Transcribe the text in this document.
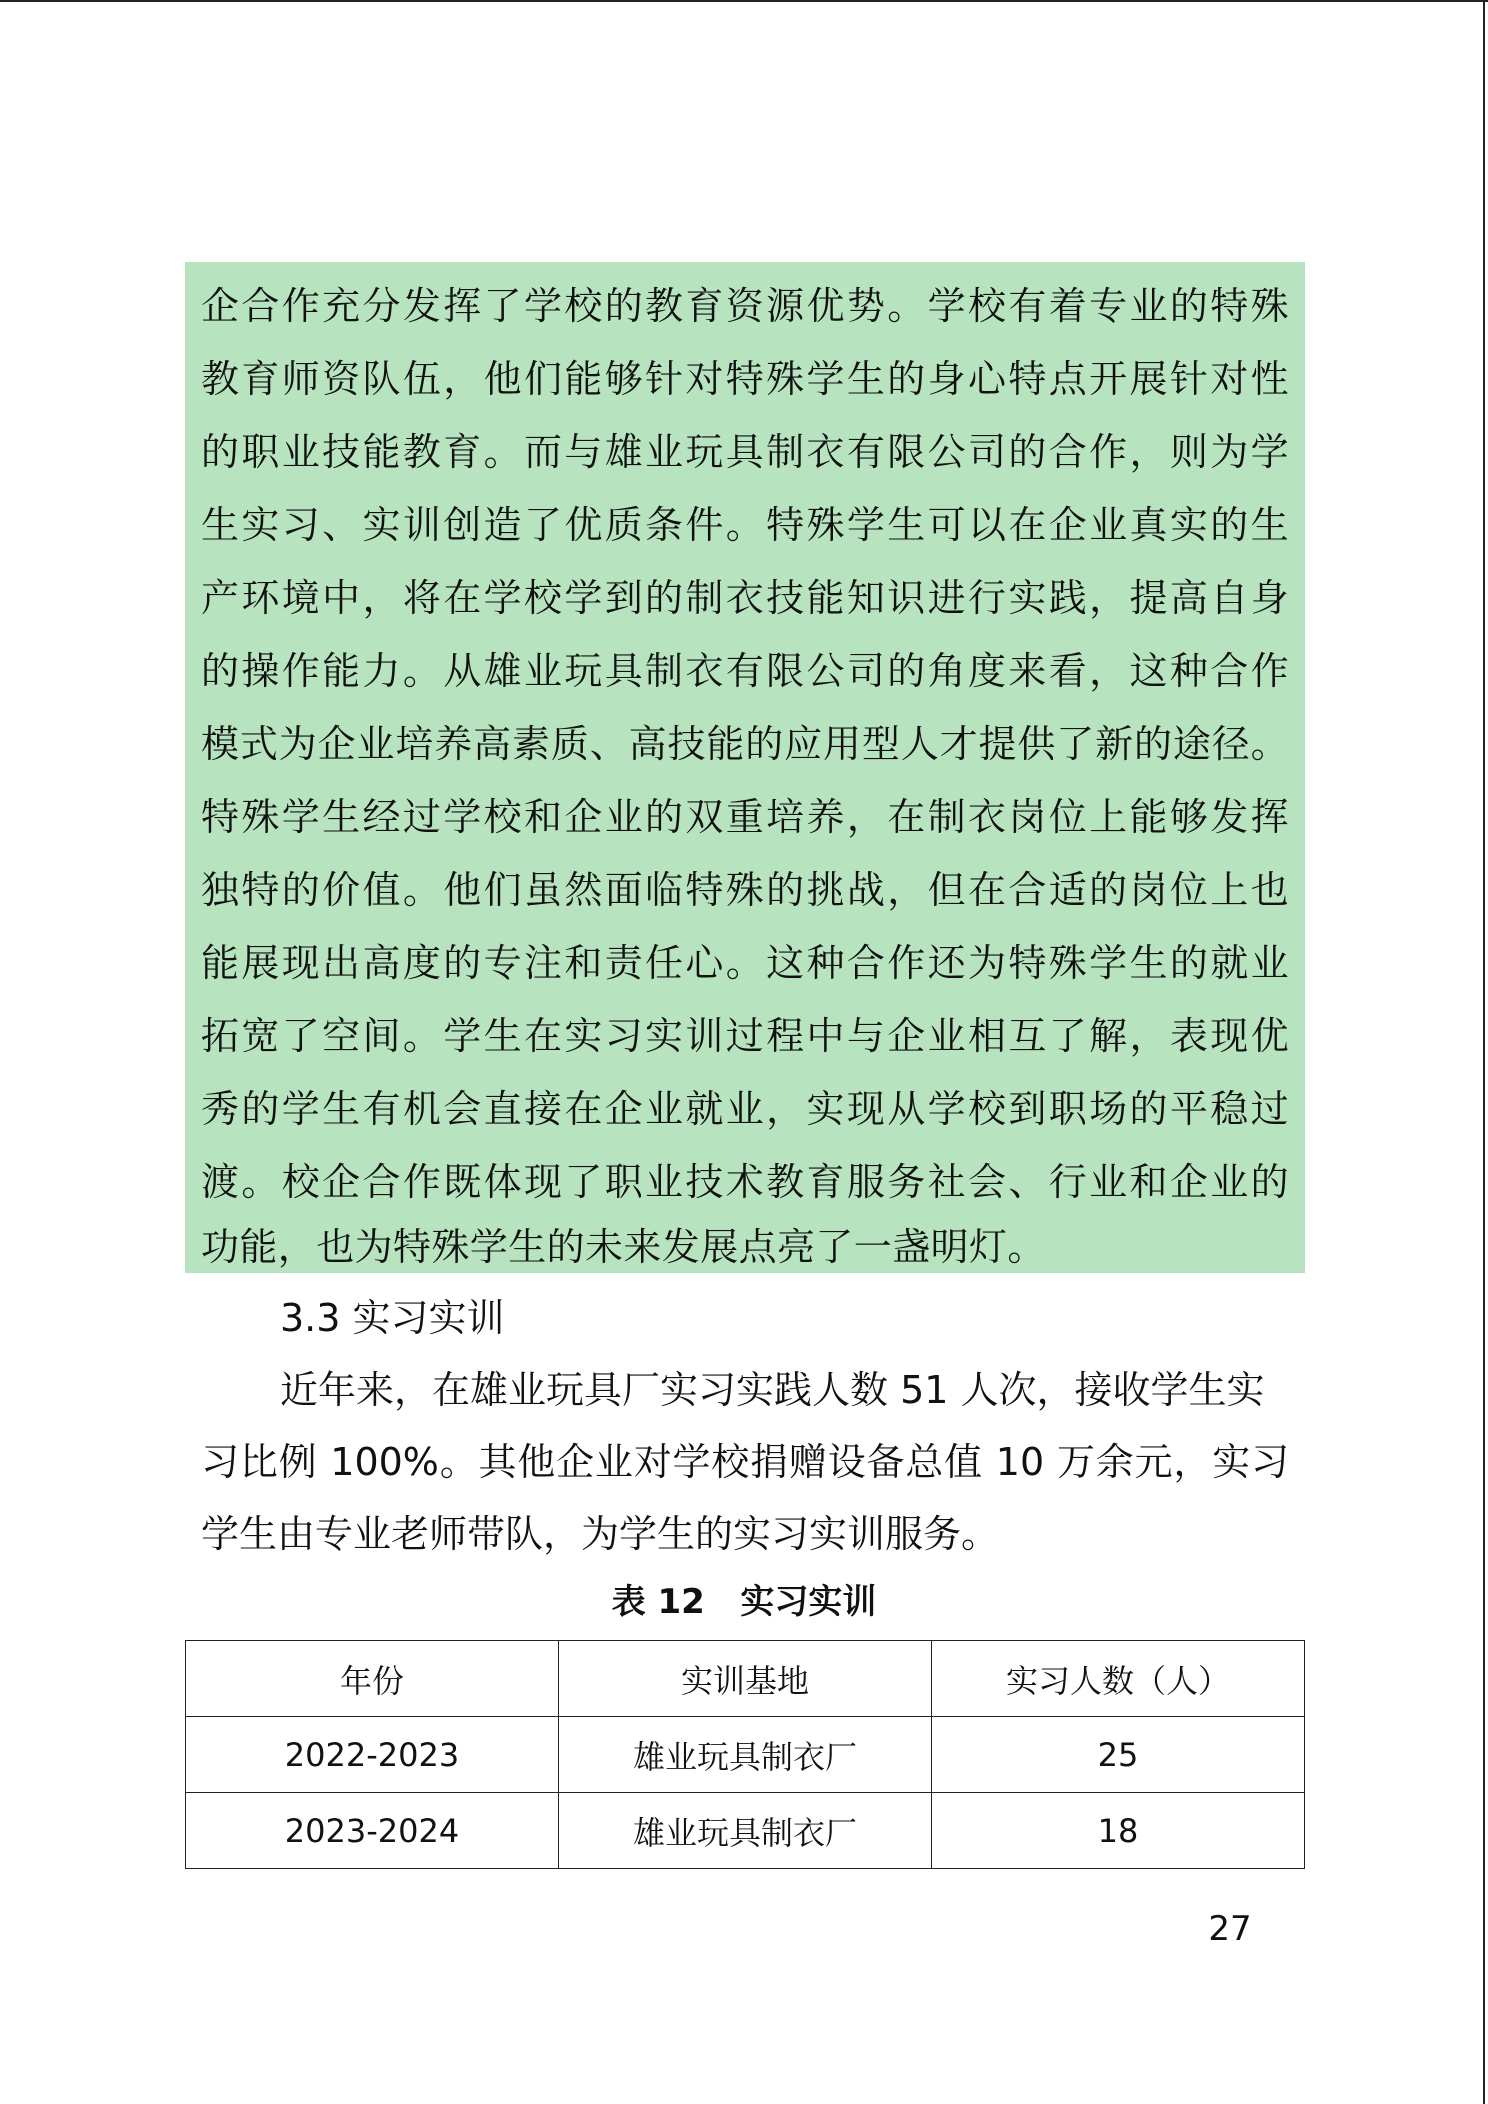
企合作充分发挥了学校的教育资源优势。学校有着专业的特殊
教育师资队伍，他们能够针对特殊学生的身心特点开展针对性
的职业技能教育。而与雄业玩具制衣有限公司的合作，则为学
生实习、实训创造了优质条件。特殊学生可以在企业真实的生
产环境中，将在学校学到的制衣技能知识进行实践，提高自身
的操作能力。从雄业玩具制衣有限公司的角度来看，这种合作
模式为企业培养高素质、高技能的应用型人才提供了新的途径。
特殊学生经过学校和企业的双重培养，在制衣岗位上能够发挥
独特的价值。他们虽然面临特殊的挑战，但在合适的岗位上也
能展现出高度的专注和责任心。这种合作还为特殊学生的就业
拓宽了空间。学生在实习实训过程中与企业相互了解，表现优
秀的学生有机会直接在企业就业，实现从学校到职场的平稳过
渡。校企合作既体现了职业技术教育服务社会、行业和企业的
功能，也为特殊学生的未来发展点亮了一盏明灯。
3.3 实习实训
近年来，在雄业玩具厂实习实践人数 51 人次，接收学生实
习比例 100%。其他企业对学校捐赠设备总值 10 万余元，实习
学生由专业老师带队，为学生的实习实训服务。
表 12   实习实训
年份	实训基地	实习人数（人）
2022-2023	雄业玩具制衣厂	25
2023-2024	雄业玩具制衣厂	18
27
